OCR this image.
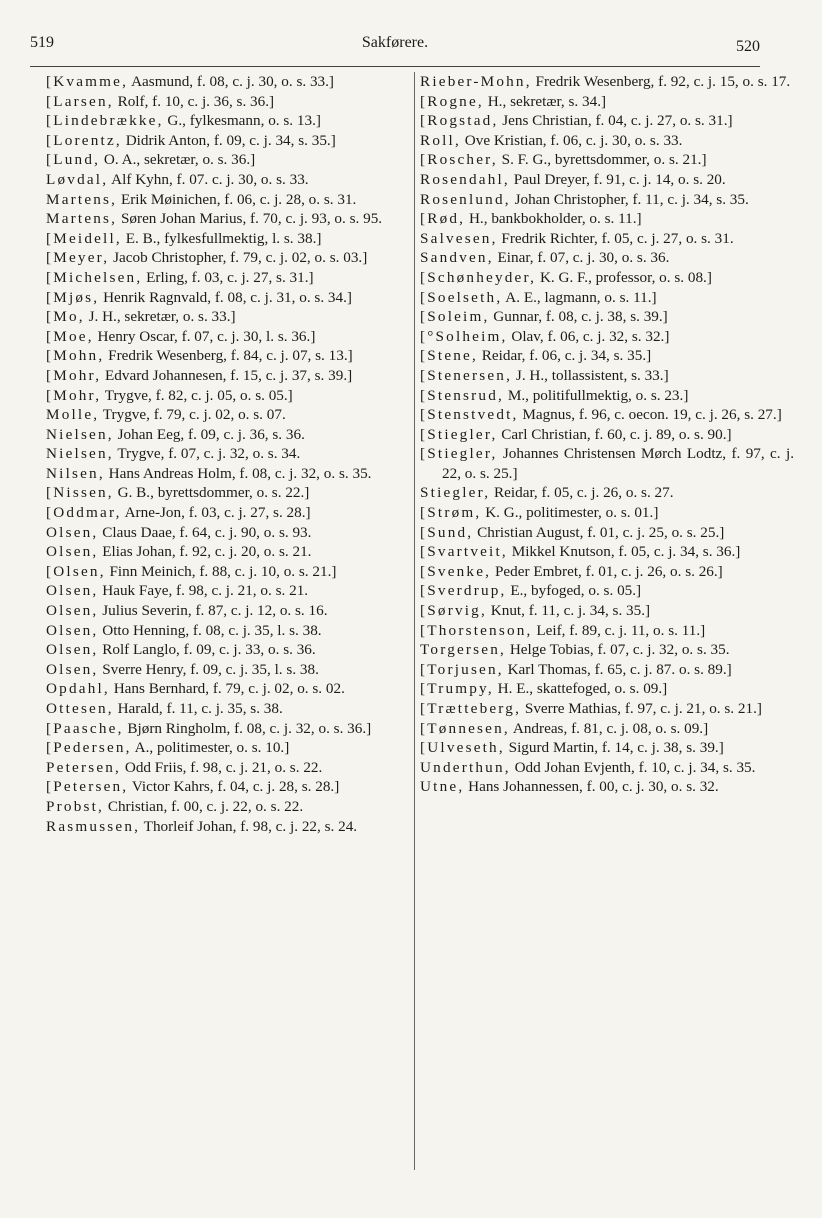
519	Sakførere.	520
[Kvamme, Aasmund, f. 08, c. j. 30, o. s. 33.]
[Larsen, Rolf, f. 10, c. j. 36, s. 36.]
[Lindebrække, G., fylkesmann, o. s. 13.]
[Lorentz, Didrik Anton, f. 09, c. j. 34, s. 35.]
[Lund, O. A., sekretær, o. s. 36.]
Løvdal, Alf Kyhn, f. 07. c. j. 30, o. s. 33.
Martens, Erik Møinichen, f. 06, c. j. 28, o. s. 31.
Martens, Søren Johan Marius, f. 70, c. j. 93, o. s. 95.
[Meidell, E. B., fylkesfullmektig, l. s. 38.]
[Meyer, Jacob Christopher, f. 79, c. j. 02, o. s. 03.]
[Michelsen, Erling, f. 03, c. j. 27, s. 31.]
[Mjøs, Henrik Ragnvald, f. 08, c. j. 31, o. s. 34.]
[Mo, J. H., sekretær, o. s. 33.]
[Moe, Henry Oscar, f. 07, c. j. 30, l. s. 36.]
[Mohn, Fredrik Wesenberg, f. 84, c. j. 07, s. 13.]
[Mohr, Edvard Johannesen, f. 15, c. j. 37, s. 39.]
[Mohr, Trygve, f. 82, c. j. 05, o. s. 05.]
Molle, Trygve, f. 79, c. j. 02, o. s. 07.
Nielsen, Johan Eeg, f. 09, c. j. 36, s. 36.
Nielsen, Trygve, f. 07, c. j. 32, o. s. 34.
Nilsen, Hans Andreas Holm, f. 08, c. j. 32, o. s. 35.
[Nissen, G. B., byrettsdommer, o. s. 22.]
[Oddmar, Arne-Jon, f. 03, c. j. 27, s. 28.]
Olsen, Claus Daae, f. 64, c. j. 90, o. s. 93.
Olsen, Elias Johan, f. 92, c. j. 20, o. s. 21.
[Olsen, Finn Meinich, f. 88, c. j. 10, o. s. 21.]
Olsen, Hauk Faye, f. 98, c. j. 21, o. s. 21.
Olsen, Julius Severin, f. 87, c. j. 12, o. s. 16.
Olsen, Otto Henning, f. 08, c. j. 35, l. s. 38.
Olsen, Rolf Langlo, f. 09, c. j. 33, o. s. 36.
Olsen, Sverre Henry, f. 09, c. j. 35, l. s. 38.
Opdahl, Hans Bernhard, f. 79, c. j. 02, o. s. 02.
Ottesen, Harald, f. 11, c. j. 35, s. 38.
[Paasche, Bjørn Ringholm, f. 08, c. j. 32, o. s. 36.]
[Pedersen, A., politimester, o. s. 10.]
Petersen, Odd Friis, f. 98, c. j. 21, o. s. 22.
[Petersen, Victor Kahrs, f. 04, c. j. 28, s. 28.]
Probst, Christian, f. 00, c. j. 22, o. s. 22.
Rasmussen, Thorleif Johan, f. 98, c. j. 22, s. 24.
Rieber-Mohn, Fredrik Wesenberg, f. 92, c. j. 15, o. s. 17.
[Rogne, H., sekretær, s. 34.]
[Rogstad, Jens Christian, f. 04, c. j. 27, o. s. 31.]
Roll, Ove Kristian, f. 06, c. j. 30, o. s. 33.
[Roscher, S. F. G., byrettsdommer, o. s. 21.]
Rosendahl, Paul Dreyer, f. 91, c. j. 14, o. s. 20.
Rosenlund, Johan Christopher, f. 11, c. j. 34, s. 35.
[Rød, H., bankbokholder, o. s. 11.]
Salvesen, Fredrik Richter, f. 05, c. j. 27, o. s. 31.
Sandven, Einar, f. 07, c. j. 30, o. s. 36.
[Schønheyder, K. G. F., professor, o. s. 08.]
[Soelseth, A. E., lagmann, o. s. 11.]
[Soleim, Gunnar, f. 08, c. j. 38, s. 39.]
[°Solheim, Olav, f. 06, c. j. 32, s. 32.]
[Stene, Reidar, f. 06, c. j. 34, s. 35.]
[Stenersen, J. H., tollassistent, s. 33.]
[Stensrud, M., politifullmektig, o. s. 23.]
[Stenstvedt, Magnus, f. 96, c. oecon. 19, c. j. 26, s. 27.]
[Stiegler, Carl Christian, f. 60, c. j. 89, o. s. 90.]
[Stiegler, Johannes Christensen Mørch Lodtz, f. 97, c. j. 22, o. s. 25.]
Stiegler, Reidar, f. 05, c. j. 26, o. s. 27.
[Strøm, K. G., politimester, o. s. 01.]
[Sund, Christian August, f. 01, c. j. 25, o. s. 25.]
[Svartveit, Mikkel Knutson, f. 05, c. j. 34, s. 36.]
[Svenke, Peder Embret, f. 01, c. j. 26, o. s. 26.]
[Sverdrup, E., byfoged, o. s. 05.]
[Sørvig, Knut, f. 11, c. j. 34, s. 35.]
[Thorstenson, Leif, f. 89, c. j. 11, o. s. 11.]
Torgersen, Helge Tobias, f. 07, c. j. 32, o. s. 35.
[Torjusen, Karl Thomas, f. 65, c. j. 87. o. s. 89.]
[Trumpy, H. E., skattefoged, o. s. 09.]
[Trætteberg, Sverre Mathias, f. 97, c. j. 21, o. s. 21.]
[Tønnesen, Andreas, f. 81, c. j. 08, o. s. 09.]
[Ulveseth, Sigurd Martin, f. 14, c. j. 38, s. 39.]
Underthun, Odd Johan Evjenth, f. 10, c. j. 34, s. 35.
Utne, Hans Johannessen, f. 00, c. j. 30, o. s. 32.
